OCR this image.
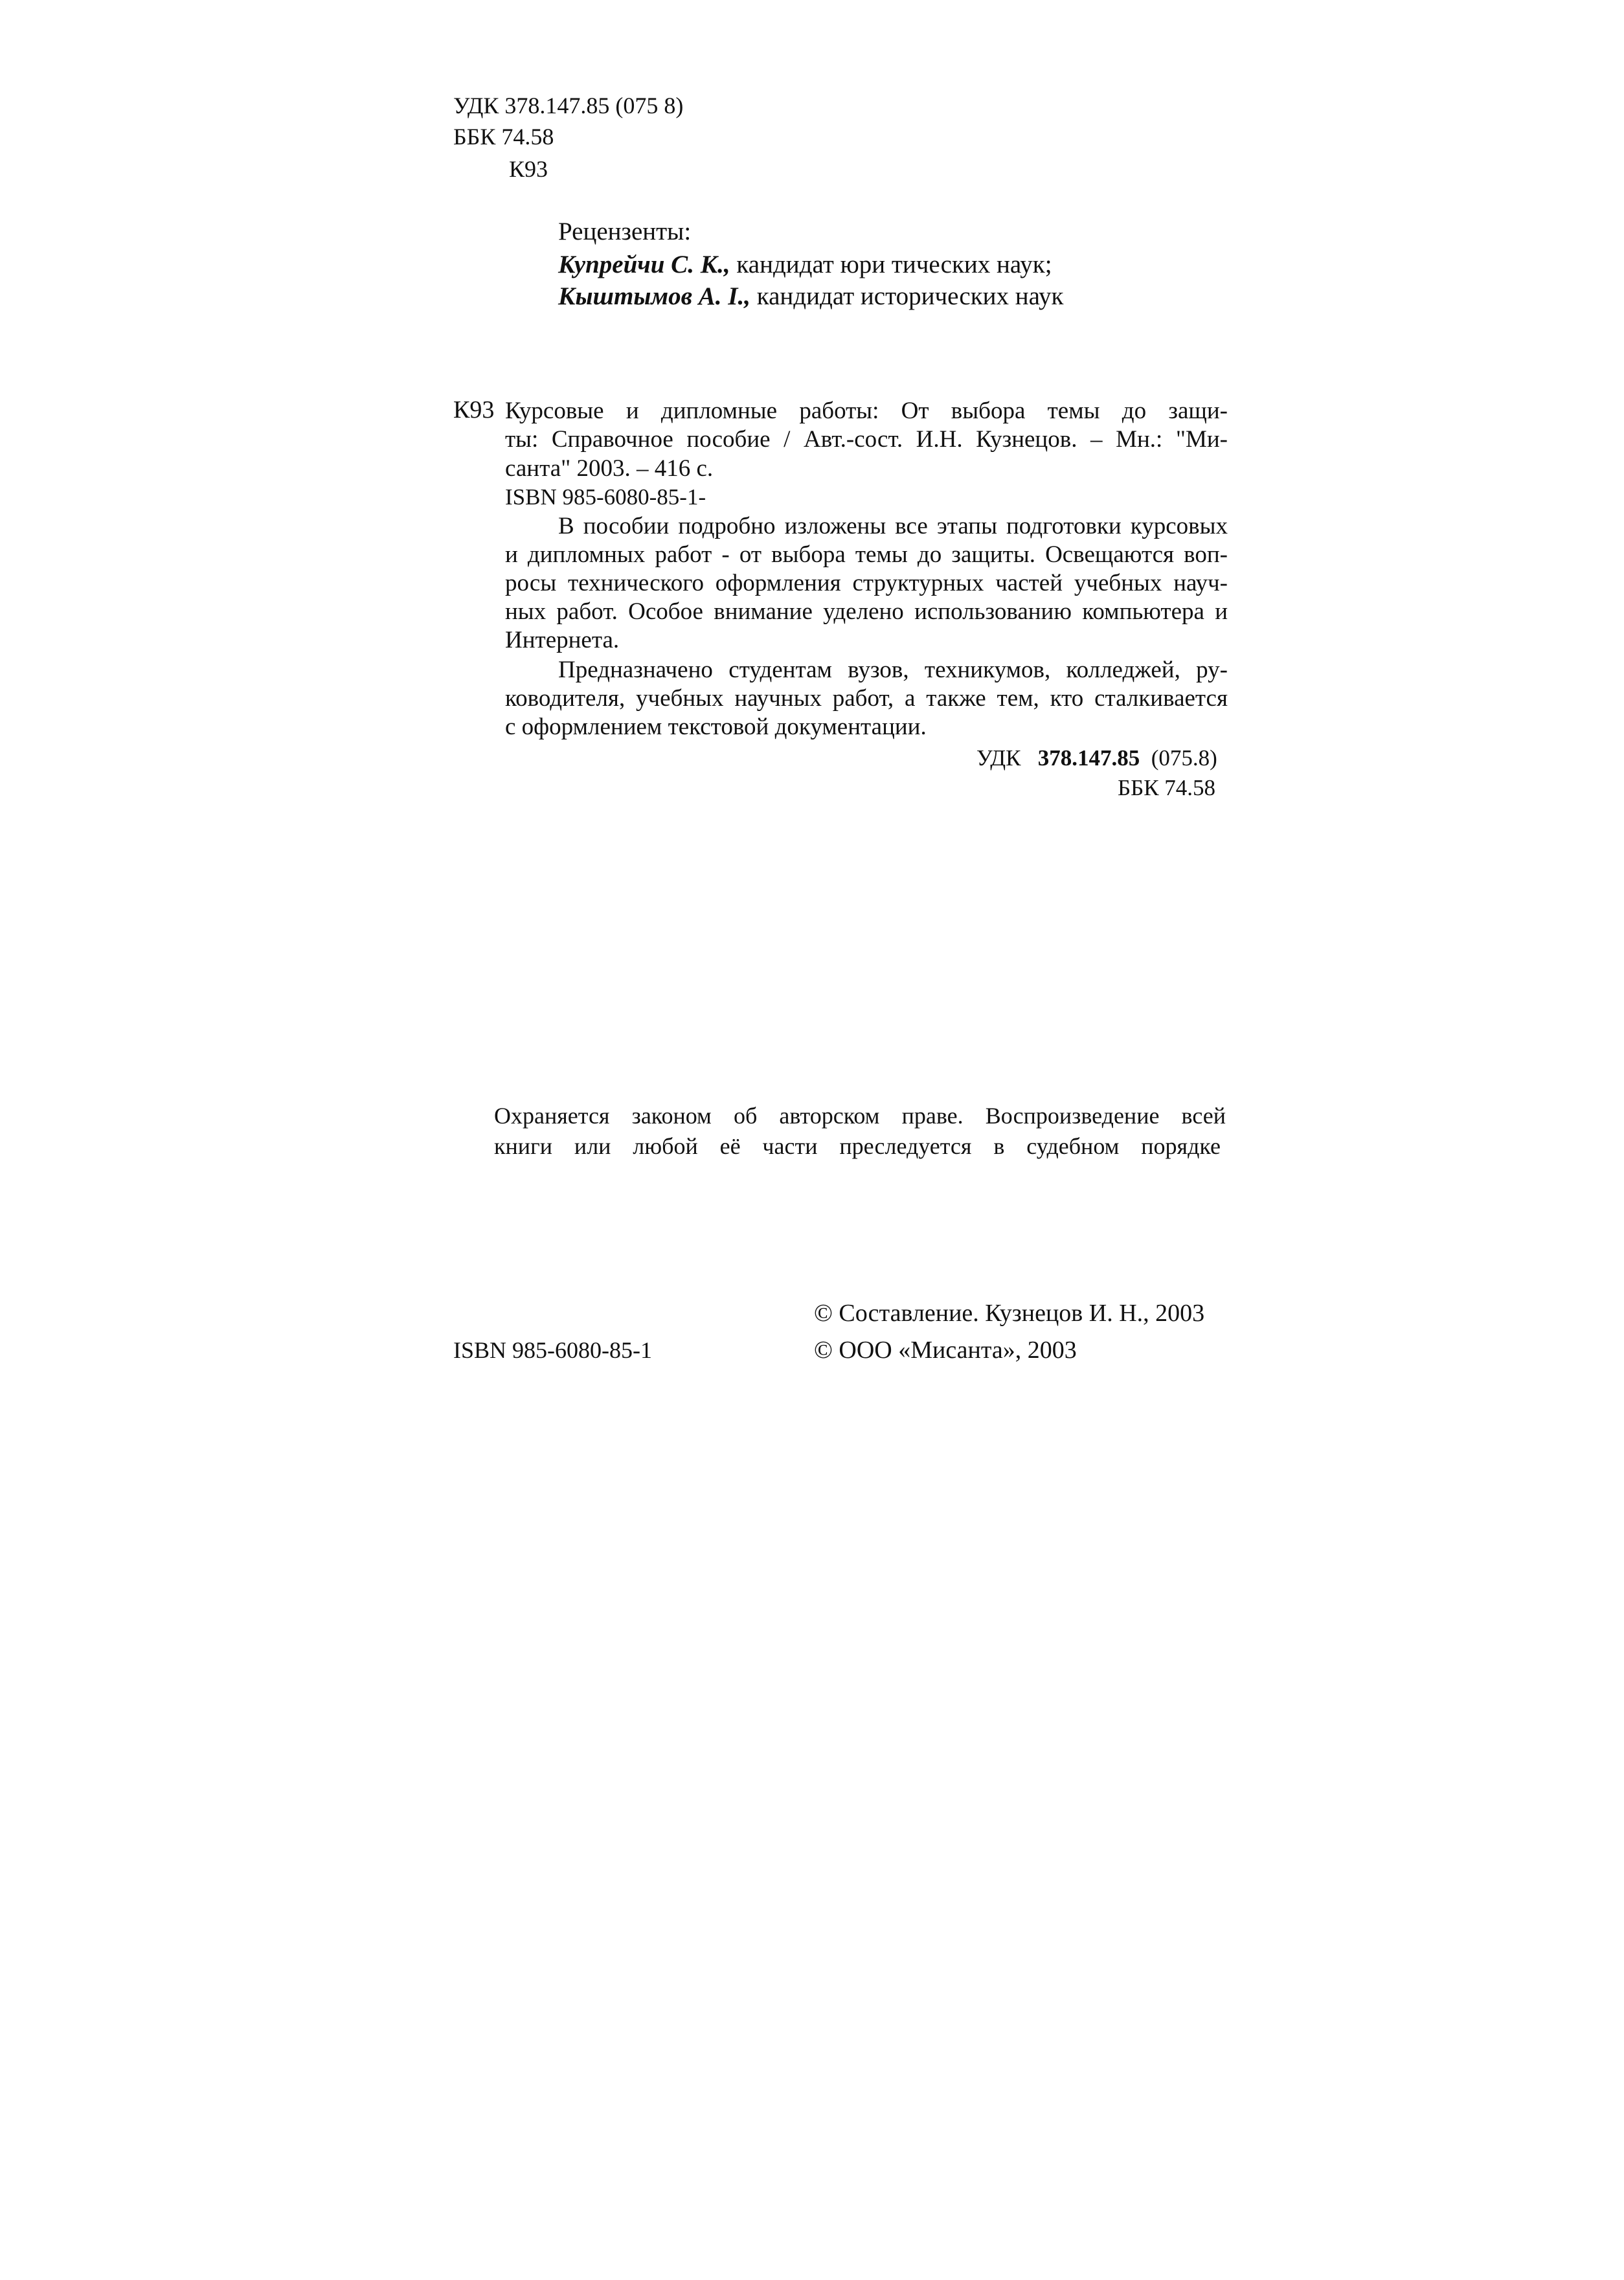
УДК 378.147.85 (075 8)
ББК 74.58
К93
Рецензенты:
Купрейчи С. К., кандидат юри тических наук;
Кыштымов А. І., кандидат исторических наук
К93 Курсовые и дипломные работы: От выбора темы до защи-
ты: Справочное пособие / Авт.-сост. И.Н. Кузнецов. – Мн.: "Ми-
санта" 2003. – 416 с.
ISBN 985-6080-85-1-
В пособии подробно изложены все этапы подготовки курсовых
и дипломных работ - от выбора темы до защиты. Освещаются воп-
росы технического оформления структурных частей учебных науч-
ных работ. Особое внимание уделено использованию компьютера и
Интернета.
Предназначено студентам вузов, техникумов, колледжей, ру-
ководителя, учебных научных работ, а также тем, кто сталкивается
с оформлением текстовой документации.
УДК 378.147.85 (075.8)
ББК 74.58
Охраняется законом об авторском праве. Воспроизведение всей
книги или любой её части преследуется в судебном порядке
© Составление. Кузнецов И. Н., 2003
ISBN 985-6080-85-1	© ООО «Мисанта», 2003
